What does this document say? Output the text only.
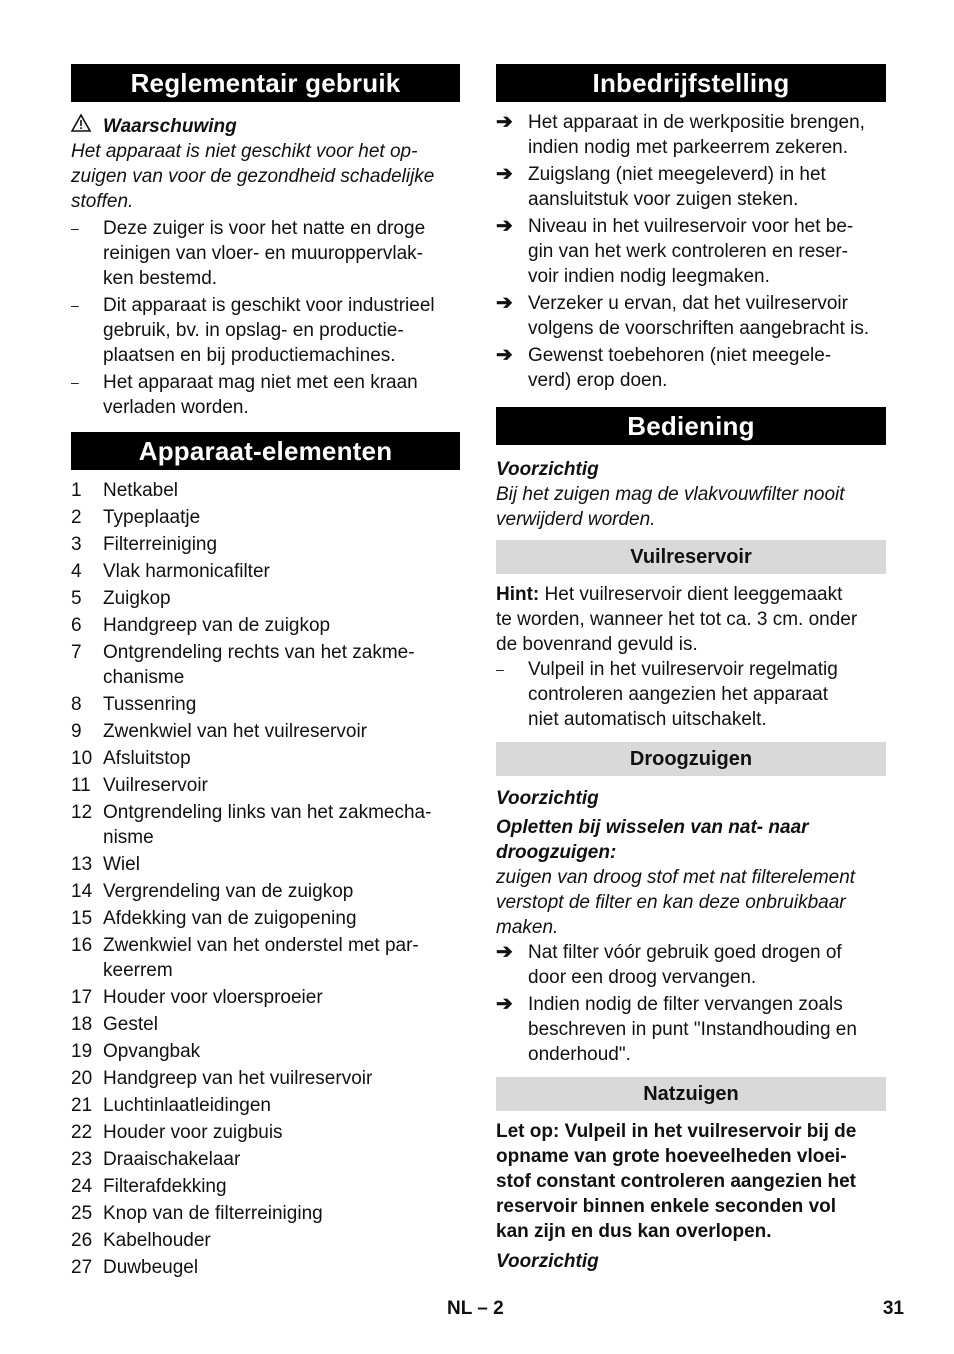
Reglementair gebruik
Waarschuwing
Het apparaat is niet geschikt voor het op-
zuigen van voor de gezondheid schadelijke
stoffen.
–	Deze zuiger is voor het natte en droge
reinigen van vloer- en muuroppervlak-
ken bestemd.
–	Dit apparaat is geschikt voor industrieel
gebruik, bv. in opslag- en productie-
plaatsen en bij productiemachines.
–	Het apparaat mag niet met een kraan
verladen worden.
Apparaat-elementen
1	Netkabel
2	Typeplaatje
3	Filterreiniging
4	Vlak harmonicafilter
5	Zuigkop
6	Handgreep van de zuigkop
7	Ontgrendeling rechts van het zakme-
chanisme
8	Tussenring
9	Zwenkwiel van het vuilreservoir
10 Afsluitstop
11 Vuilreservoir
12 Ontgrendeling links van het zakmecha-
nisme
13 Wiel
14 Vergrendeling van de zuigkop
15 Afdekking van de zuigopening
16 Zwenkwiel van het onderstel met par-
keerrem
17 Houder voor vloersproeier
18 Gestel
19 Opvangbak
20 Handgreep van het vuilreservoir
21 Luchtinlaatleidingen
22 Houder voor zuigbuis
23 Draaischakelaar
24 Filterafdekking
25 Knop van de filterreiniging
26 Kabelhouder
27 Duwbeugel
Inbedrijfstelling
➔ Het apparaat in de werkpositie brengen,
indien nodig met parkeerrem zekeren.
➔ Zuigslang (niet meegeleverd) in het
aansluitstuk voor zuigen steken.
➔ Niveau in het vuilreservoir voor het be-
gin van het werk controleren en reser-
voir indien nodig leegmaken.
➔ Verzeker u ervan, dat het vuilreservoir
volgens de voorschriften aangebracht is.
➔ Gewenst toebehoren (niet meegele-
verd) erop doen.
Bediening
Voorzichtig
Bij het zuigen mag de vlakvouwfilter nooit
verwijderd worden.
Vuilreservoir
Hint: Het vuilreservoir dient leeggemaakt
te worden, wanneer het tot ca. 3 cm. onder
de bovenrand gevuld is.
–	Vulpeil in het vuilreservoir regelmatig
controleren aangezien het apparaat
niet automatisch uitschakelt.
Droogzuigen
Voorzichtig
Opletten bij wisselen van nat- naar
droogzuigen:
zuigen van droog stof met nat filterelement
verstopt de filter en kan deze onbruikbaar
maken.
➔ Nat filter vóór gebruik goed drogen of
door een droog vervangen.
➔ Indien nodig de filter vervangen zoals
beschreven in punt "Instandhouding en
onderhoud".
Natzuigen
Let op: Vulpeil in het vuilreservoir bij de
opname van grote hoeveelheden vloei-
stof constant controleren aangezien het
reservoir binnen enkele seconden vol
kan zijn en dus kan overlopen.
Voorzichtig
NL – 2	31
